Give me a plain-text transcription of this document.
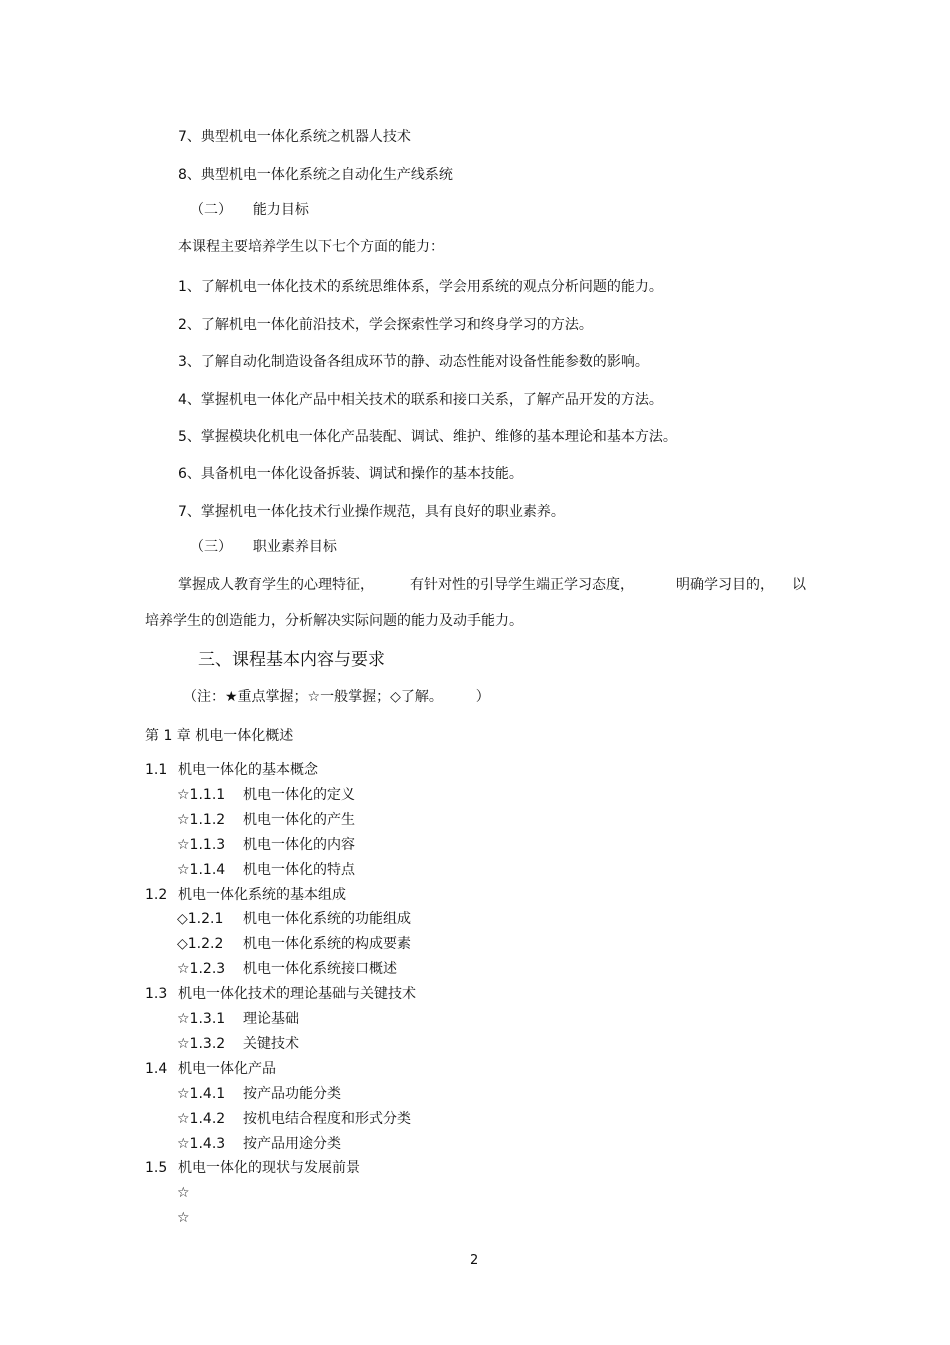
7、典型机电一体化系统之机器人技术

8、典型机电一体化系统之自动化生产线系统

（二） 能力目标

本课程主要培养学生以下七个方面的能力：

1、了解机电一体化技术的系统思维体系，学会用系统的观点分析问题的能力。

2、了解机电一体化前沿技术，学会探索性学习和终身学习的方法。

3、了解自动化制造设备各组成环节的静、动态性能对设备性能参数的影响。

4、掌握机电一体化产品中相关技术的联系和接口关系，了解产品开发的方法。

5、掌握模块化机电一体化产品装配、调试、维护、维修的基本理论和基本方法。

6、具备机电一体化设备拆装、调试和操作的基本技能。

7、掌握机电一体化技术行业操作规范，具有良好的职业素养。

（三） 职业素养目标

掌握成人教育学生的心理特征，	有针对性的引导学生端正学习态度，	明确学习目的， 以

培养学生的创造能力，分析解决实际问题的能力及动手能力。

三、课程基本内容与要求

（注：★重点掌握；☆一般掌握；◇了解。 ）

第 1 章 机电一体化概述

1.1 机电一体化的基本概念

☆1.1.1 机电一体化的定义

☆1.1.2 机电一体化的产生

☆1.1.3 机电一体化的内容

☆1.1.4 机电一体化的特点

1.2 机电一体化系统的基本组成

◇1.2.1 机电一体化系统的功能组成

◇1.2.2 机电一体化系统的构成要素

☆1.2.3 机电一体化系统接口概述

1.3 机电一体化技术的理论基础与关键技术

☆1.3.1 理论基础

☆1.3.2 关键技术

1.4 机电一体化产品

☆1.4.1 按产品功能分类

☆1.4.2 按机电结合程度和形式分类

☆1.4.3 按产品用途分类

1.5 机电一体化的现状与发展前景

☆

☆

2
